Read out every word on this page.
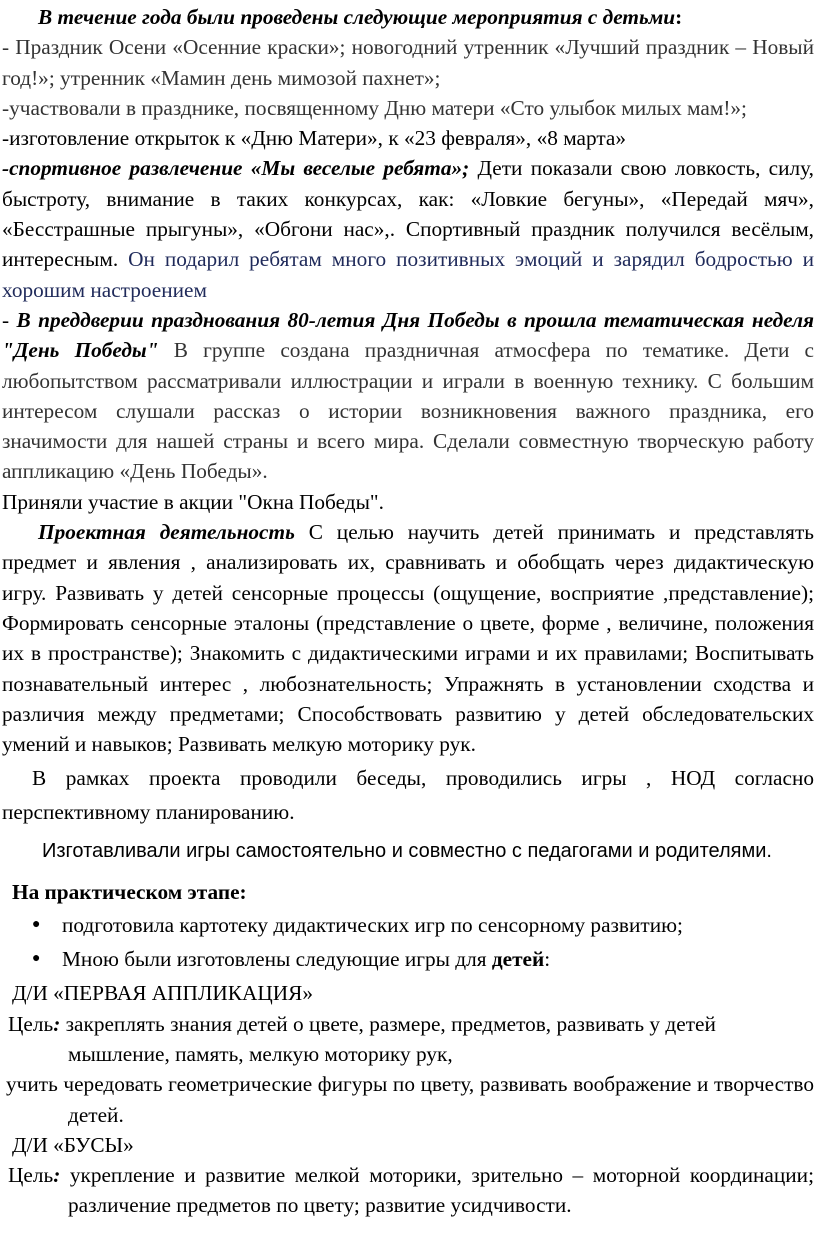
В течение года были проведены следующие мероприятия с детьми:

- Праздник Осени «Осенние краски»; новогодний утренник «Лучший праздник – Новый год!»; утренник «Мамин день мимозой пахнет»;

-участвовали в празднике, посвященному Дню матери «Сто улыбок милых мам!»;

-изготовление открыток к «Дню Матери», к «23 февраля», «8 марта»

-спортивное развлечение «Мы веселые ребята»; Дети показали свою ловкость, силу, быстроту, внимание в таких конкурсах, как: «Ловкие бегуны», «Передай мяч», «Бесстрашные прыгуны», «Обгони нас»,. Спортивный праздник получился весёлым, интересным. Он подарил ребятам много позитивных эмоций и зарядил бодростью и хорошим настроением

- В преддверии празднования 80-летия Дня Победы в прошла тематическая неделя "День Победы" В группе создана праздничная атмосфера по тематике. Дети с любопытством рассматривали иллюстрации и играли в военную технику. С большим интересом слушали рассказ о истории возникновения важного праздника, его значимости для нашей страны и всего мира. Сделали совместную творческую работу аппликацию «День Победы».

Приняли участие в акции "Окна Победы".

Проектная деятельность С целью научить детей принимать и представлять предмет и явления , анализировать их, сравнивать и обобщать через дидактическую игру. Развивать у детей сенсорные процессы (ощущение, восприятие ,представление); Формировать сенсорные эталоны (представление о цвете, форме , величине, положения их в пространстве); Знакомить с дидактическими играми и их правилами; Воспитывать познавательный интерес , любознательность; Упражнять в установлении сходства и различия между предметами; Способствовать развитию у детей обследовательских умений и навыков; Развивать мелкую моторику рук.

В рамках проекта проводили беседы, проводились игры , НОД согласно перспективному планированию.

Изготавливали игры самостоятельно и совместно с педагогами и родителями.

На практическом этапе:

● подготовила картотеку дидактических игр по сенсорному развитию;
● Мною были изготовлены следующие игры для детей:

Д/И «ПЕРВАЯ АППЛИКАЦИЯ»

Цель: закреплять знания детей о цвете, размере, предметов, развивать у детей мышление, память, мелкую моторику рук,

учить чередовать геометрические фигуры по цвету, развивать воображение и творчество детей.

Д/И «БУСЫ»

Цель: укрепление и развитие мелкой моторики, зрительно – моторной координации; различение предметов по цвету; развитие усидчивости.
